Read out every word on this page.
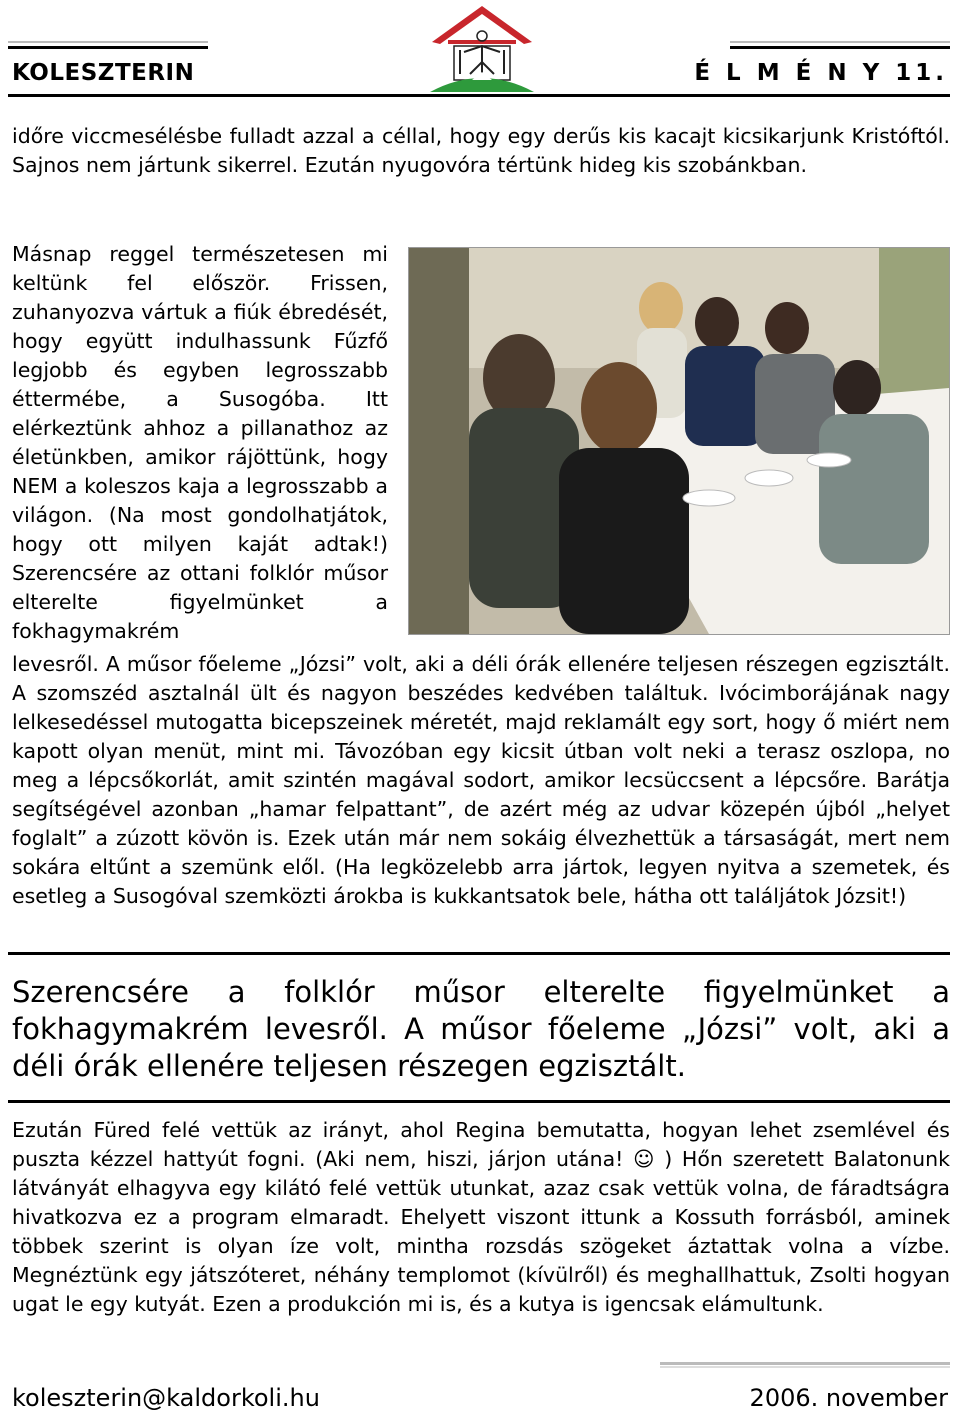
KOLESZTERIN	É L M É N Y 11.

időre viccmesélésbe fulladt azzal a céllal, hogy egy derűs kis kacajt kicsikarjunk Kristóftól. Sajnos nem jártunk sikerrel. Ezután nyugovóra tértünk hideg kis szobánkban.

Másnap reggel természetesen mi keltünk fel először. Frissen, zuhanyozva vártuk a fiúk ébredését, hogy együtt indulhassunk Fűzfő legjobb és egyben legrosszabb éttermébe, a Susogóba. Itt elérkeztünk ahhoz a pillanathoz az életünkben, amikor rájöttünk, hogy NEM a koleszos kaja a legrosszabb a világon. (Na most gondolhatjátok, hogy ott milyen kaját adtak!) Szerencsére az ottani folklór műsor elterelte figyelmünket a fokhagymakrém

levesről. A műsor főeleme „Józsi” volt, aki a déli órák ellenére teljesen részegen egzisztált. A szomszéd asztalnál ült és nagyon beszédes kedvében találtuk. Ivócimborájának nagy lelkesedéssel mutogatta bicepszeinek méretét, majd reklamált egy sort, hogy ő miért nem kapott olyan menüt, mint mi. Távozóban egy kicsit útban volt neki a terasz oszlopa, no meg a lépcsőkorlát, amit szintén magával sodort, amikor lecsüccsent a lépcsőre. Barátja segítségével azonban „hamar felpattant”, de azért még az udvar közepén újból „helyet foglalt” a zúzott kövön is. Ezek után már nem sokáig élvezhettük a társaságát, mert nem sokára eltűnt a szemünk elől. (Ha legközelebb arra jártok, legyen nyitva a szemetek, és esetleg a Susogóval szemközti árokba is kukkantsatok bele, hátha ott találjátok Józsit!)

Szerencsére a folklór műsor elterelte figyelmünket a fokhagymakrém levesről. A műsor főeleme „Józsi” volt, aki a déli órák ellenére teljesen részegen egzisztált.

Ezután Füred felé vettük az irányt, ahol Regina bemutatta, hogyan lehet zsemlével és puszta kézzel hattyút fogni. (Aki nem, hiszi, járjon utána! ☺ ) Hőn szeretett Balatonunk látványát elhagyva egy kilátó felé vettük utunkat, azaz csak vettük volna, de fáradtságra hivatkozva ez a program elmaradt. Ehelyett viszont ittunk a Kossuth forrásból, aminek többek szerint is olyan íze volt, mintha rozsdás szögeket áztattak volna a vízbe. Megnéztünk egy játszóteret, néhány templomot (kívülről) és meghallhattuk, Zsolti hogyan ugat le egy kutyát. Ezen a produkción mi is, és a kutya is igencsak elámultunk.

koleszterin@kaldorkoli.hu	2006. november
